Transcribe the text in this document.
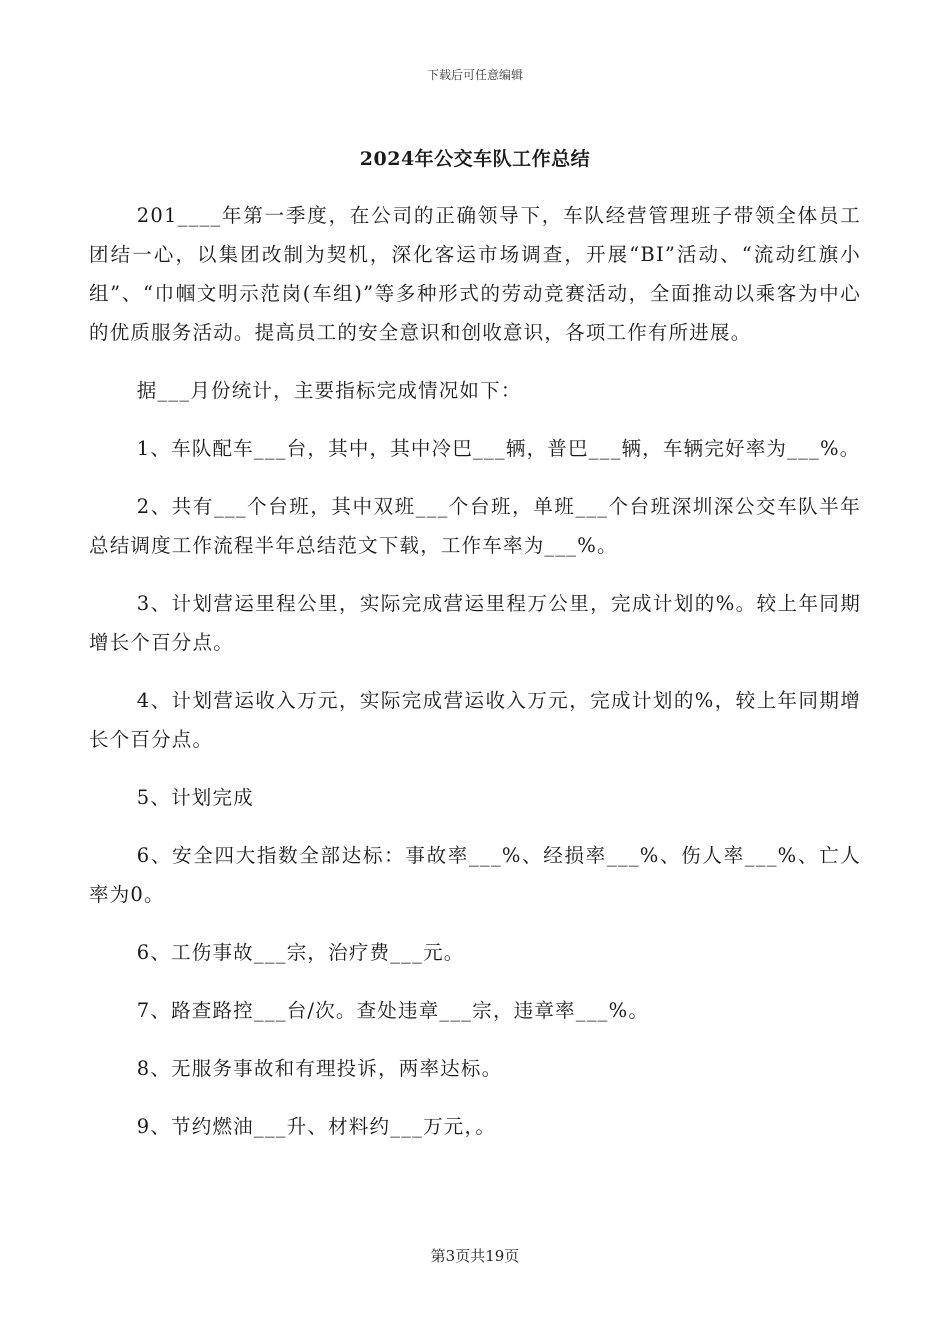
下载后可任意编辑
2024年公交车队工作总结

201____年第一季度，在公司的正确领导下，车队经营管理班子带领全体员工团结一心，以集团改制为契机，深化客运市场调查，开展“BI”活动、“流动红旗小组”、“巾帼文明示范岗(车组)”等多种形式的劳动竞赛活动，全面推动以乘客为中心的优质服务活动。提高员工的安全意识和创收意识，各项工作有所进展。

据___月份统计，主要指标完成情况如下：

1、车队配车___台，其中，其中冷巴___辆，普巴___辆，车辆完好率为___%。

2、共有___个台班，其中双班___个台班，单班___个台班深圳深公交车队半年总结调度工作流程半年总结范文下载，工作车率为___%。

3、计划营运里程公里，实际完成营运里程万公里，完成计划的%。较上年同期增长个百分点。

4、计划营运收入万元，实际完成营运收入万元，完成计划的%，较上年同期增长个百分点。

5、计划完成

6、安全四大指数全部达标：事故率___%、经损率___%、伤人率___%、亡人率为0。

6、工伤事故___宗，治疗费___元。

7、路查路控___台/次。查处违章___宗，违章率___%。

8、无服务事故和有理投诉，两率达标。

9、节约燃油___升、材料约___万元，。

第3页共19页
